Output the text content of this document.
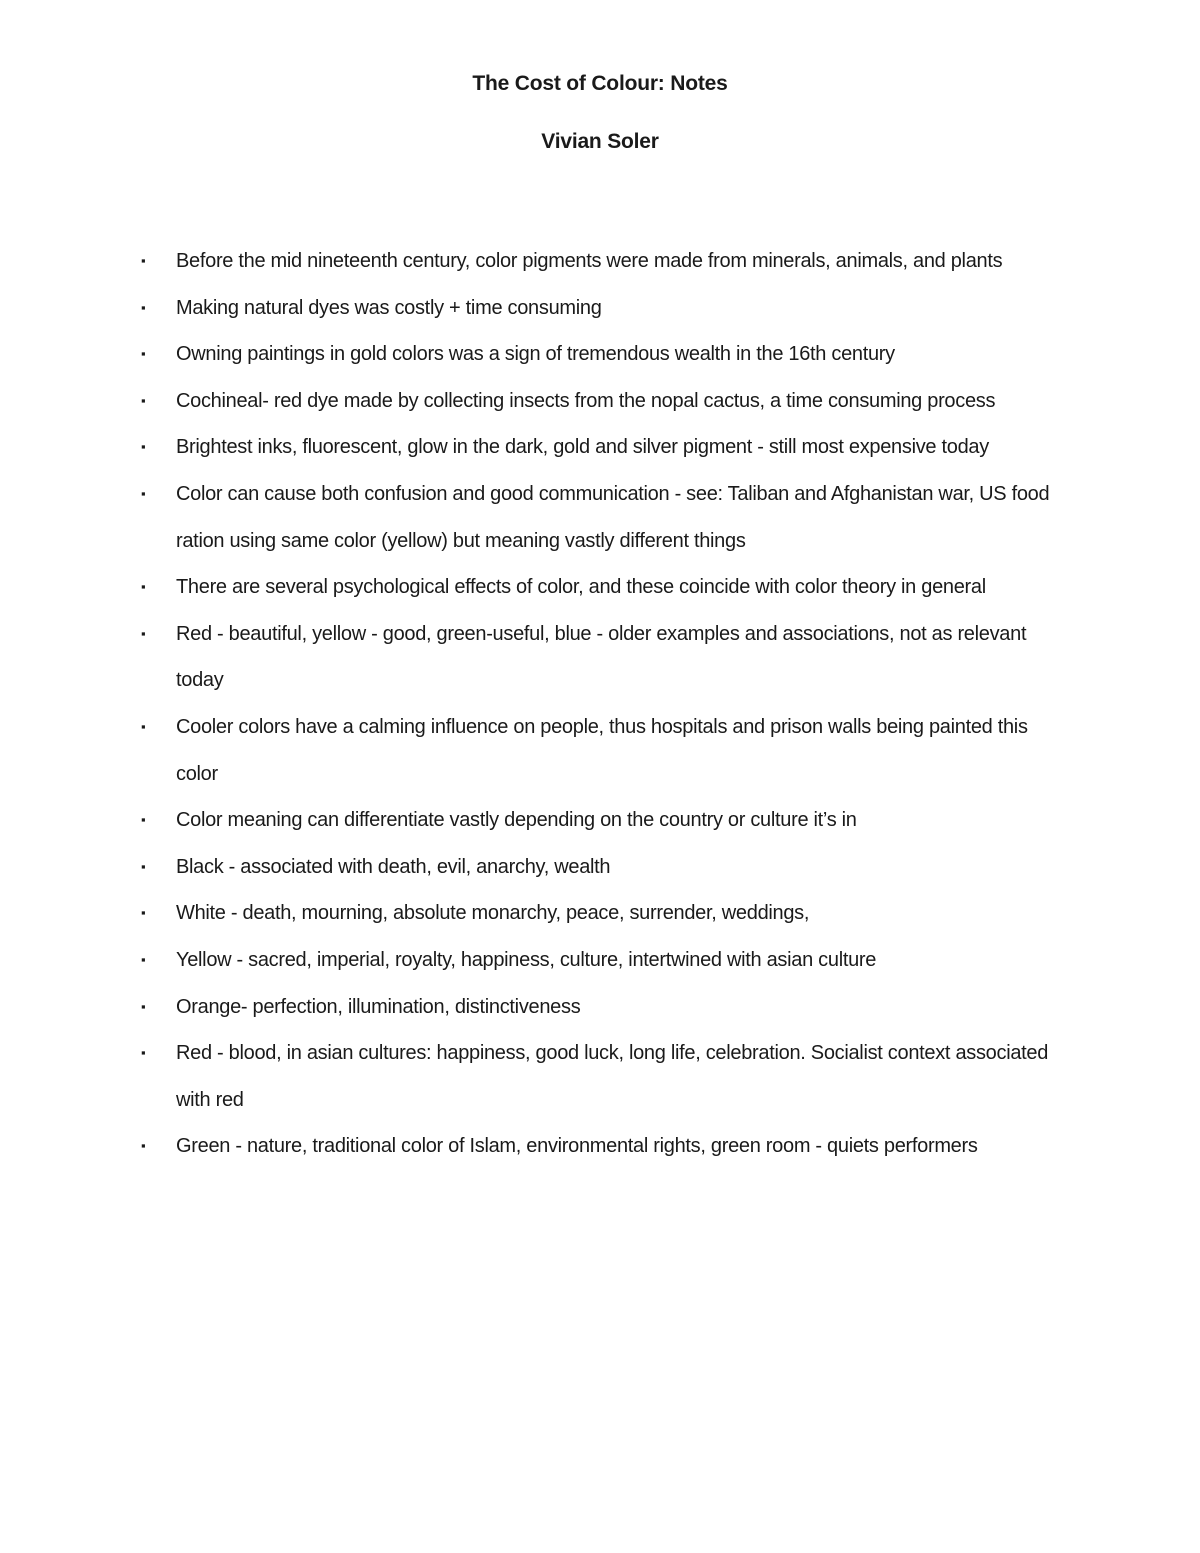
The Cost of Colour: Notes
Vivian Soler
▪ Before the mid nineteenth century, color pigments were made from minerals, animals, and plants
▪ Making natural dyes was costly + time consuming
▪ Owning paintings in gold colors was a sign of tremendous wealth in the 16th century
▪ Cochineal- red dye made by collecting insects from the nopal cactus, a time consuming process
▪ Brightest inks, fluorescent, glow in the dark, gold and silver pigment - still most expensive today
▪ Color can cause both confusion and good communication - see: Taliban and Afghanistan war, US food ration using same color (yellow) but meaning vastly different things
▪ There are several psychological effects of color, and these coincide with color theory in general
▪ Red - beautiful, yellow - good, green-useful, blue - older examples and associations, not as relevant today
▪ Cooler colors have a calming influence on people, thus hospitals and prison walls being painted this color
▪ Color meaning can differentiate vastly depending on the country or culture it’s in
▪ Black - associated with death, evil, anarchy, wealth
▪ White - death, mourning, absolute monarchy, peace, surrender, weddings,
▪ Yellow - sacred, imperial, royalty, happiness, culture, intertwined with asian culture
▪ Orange- perfection, illumination, distinctiveness
▪ Red - blood, in asian cultures: happiness, good luck, long life, celebration. Socialist context associated with red
▪ Green - nature, traditional color of Islam, environmental rights, green room - quiets performers
